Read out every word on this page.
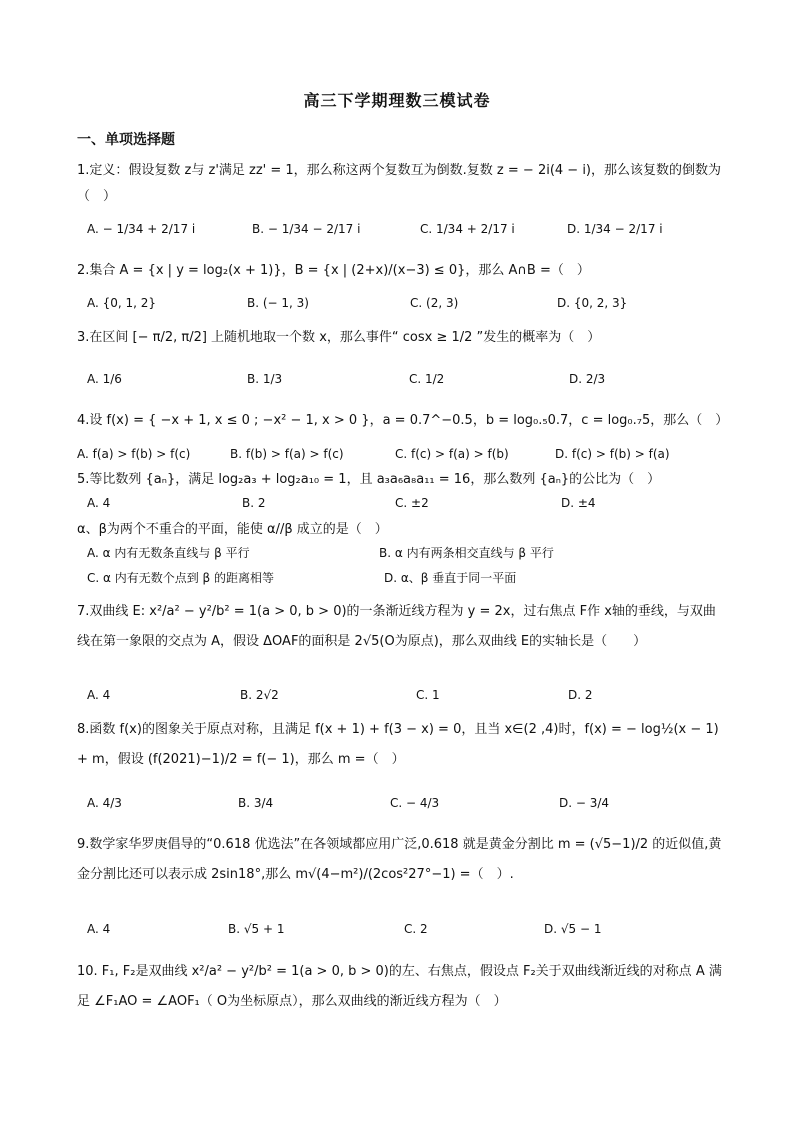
高三下学期理数三模试卷
一、单项选择题
1.定义：假设复数 z与 z'满足 zz' = 1，那么称这两个复数互为倒数.复数 z = − 2i(4 − i)，那么该复数的倒数为（　）
A. − 1/34 + 2/17 i	B. − 1/34 − 2/17 i	C. 1/34 + 2/17 i	D. 1/34 − 2/17 i
2.集合 A = {x | y = log₂(x + 1)}，B = {x | (2+x)/(x−3) ≤ 0}，那么 A∩B =（　）
A. {0, 1, 2}	B. (− 1, 3)	C. (2, 3)	D. {0, 2, 3}
3.在区间 [− π/2, π/2] 上随机地取一个数 x，那么事件“ cosx ≥ 1/2 ”发生的概率为（　）
A. 1/6	B. 1/3	C. 1/2	D. 2/3
4.设 f(x) = { −x + 1, x ≤ 0 ; −x² − 1, x > 0 }，a = 0.7^−0.5，b = log₀.₅0.7，c = log₀.₇5，那么（　）
A. f(a) > f(b) > f(c)	B. f(b) > f(a) > f(c)	C. f(c) > f(a) > f(b)	D. f(c) > f(b) > f(a)
5.等比数列 {aₙ}，满足 log₂a₃ + log₂a₁₀ = 1，且 a₃a₆a₈a₁₁ = 16，那么数列 {aₙ}的公比为（　）
A. 4	B. 2	C. ±2	D. ±4
α、β为两个不重合的平面，能使 α//β 成立的是（　）
A. α 内有无数条直线与 β 平行	B. α 内有两条相交直线与 β 平行
C. α 内有无数个点到 β 的距离相等	D. α、β 垂直于同一平面
7.双曲线 E: x²/a² − y²/b² = 1(a > 0, b > 0)的一条渐近线方程为 y = 2x，过右焦点 F作 x轴的垂线，与双曲线在第一象限的交点为 A，假设 ΔOAF的面积是 2√5(O为原点)，那么双曲线 E的实轴长是（　　）
A. 4	B. 2√2	C. 1	D. 2
8.函数 f(x)的图象关于原点对称，且满足 f(x + 1) + f(3 − x) = 0，且当 x∈(2 ,4)时，f(x) = − log½(x − 1) + m，假设 (f(2021)−1)/2 = f(− 1)，那么 m =（　）
A. 4/3	B. 3/4	C. − 4/3	D. − 3/4
9.数学家华罗庚倡导的“0.618 优选法”在各领域都应用广泛,0.618 就是黄金分割比 m = (√5−1)/2 的近似值,黄金分割比还可以表示成 2sin18°,那么 m√(4−m²)/(2cos²27°−1) =（　）.
A. 4	B. √5 + 1	C. 2	D. √5 − 1
10. F₁, F₂是双曲线 x²/a² − y²/b² = 1(a > 0, b > 0)的左、右焦点，假设点 F₂关于双曲线渐近线的对称点 A 满足 ∠F₁AO = ∠AOF₁（ O为坐标原点），那么双曲线的渐近线方程为（　）
